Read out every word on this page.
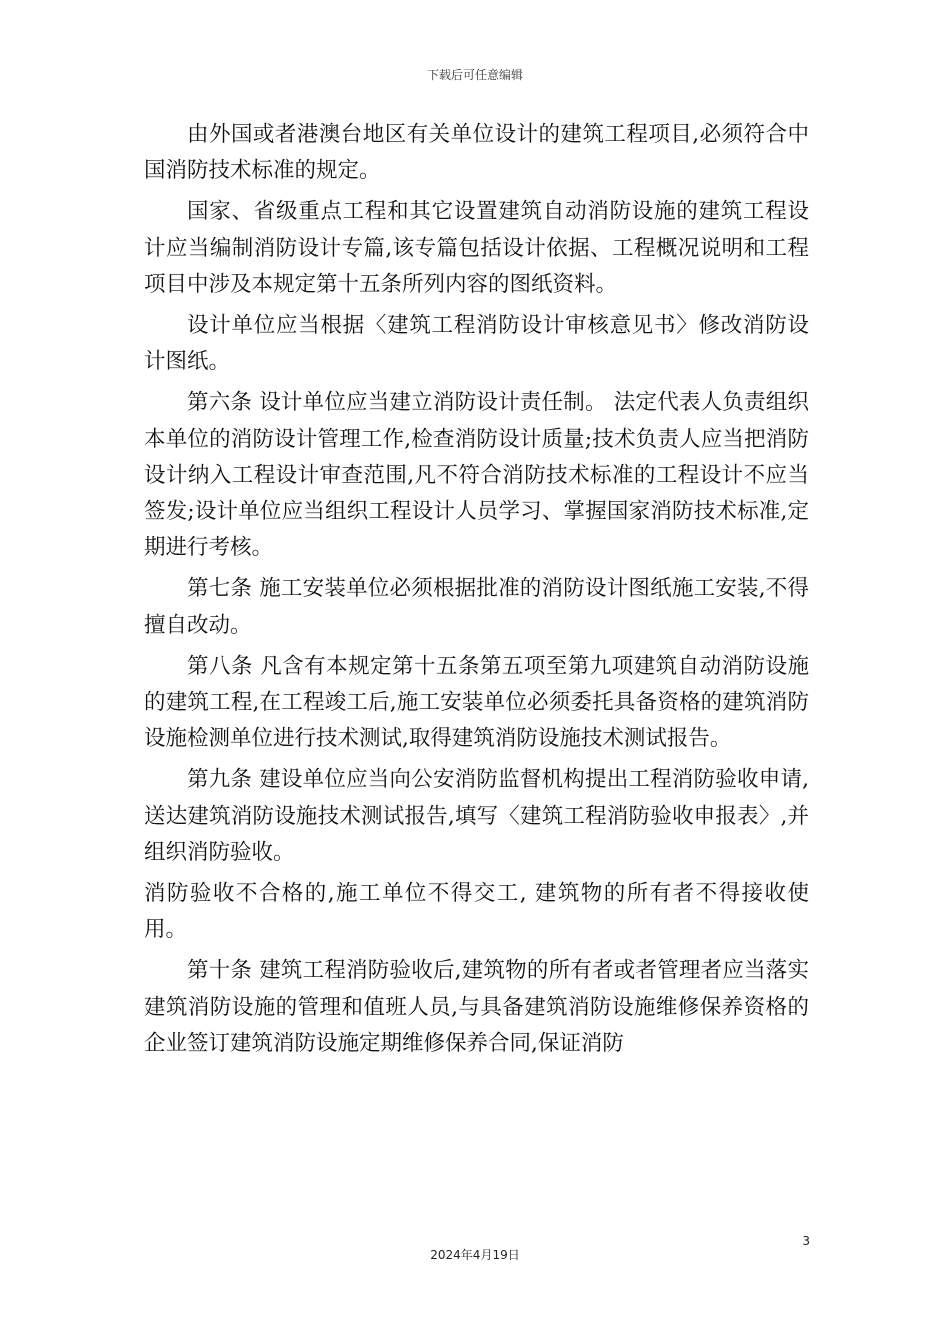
下载后可任意编辑

由外国或者港澳台地区有关单位设计的建筑工程项目,必须符合中国消防技术标准的规定。

国家、省级重点工程和其它设置建筑自动消防设施的建筑工程设计应当编制消防设计专篇,该专篇包括设计依据、工程概况说明和工程项目中涉及本规定第十五条所列内容的图纸资料。

设计单位应当根据〈建筑工程消防设计审核意见书〉修改消防设计图纸。

第六条 设计单位应当建立消防设计责任制。 法定代表人负责组织本单位的消防设计管理工作,检查消防设计质量;技术负责人应当把消防设计纳入工程设计审查范围,凡不符合消防技术标准的工程设计不应当签发;设计单位应当组织工程设计人员学习、掌握国家消防技术标准,定期进行考核。

第七条 施工安装单位必须根据批准的消防设计图纸施工安装,不得擅自改动。

第八条 凡含有本规定第十五条第五项至第九项建筑自动消防设施的建筑工程,在工程竣工后,施工安装单位必须委托具备资格的建筑消防设施检测单位进行技术测试,取得建筑消防设施技术测试报告。

第九条 建设单位应当向公安消防监督机构提出工程消防验收申请,送达建筑消防设施技术测试报告,填写〈建筑工程消防验收申报表〉,并组织消防验收。

消防验收不合格的,施工单位不得交工, 建筑物的所有者不得接收使用。

第十条 建筑工程消防验收后,建筑物的所有者或者管理者应当落实建筑消防设施的管理和值班人员,与具备建筑消防设施维修保养资格的企业签订建筑消防设施定期维修保养合同,保证消防

3
2024年4月19日
